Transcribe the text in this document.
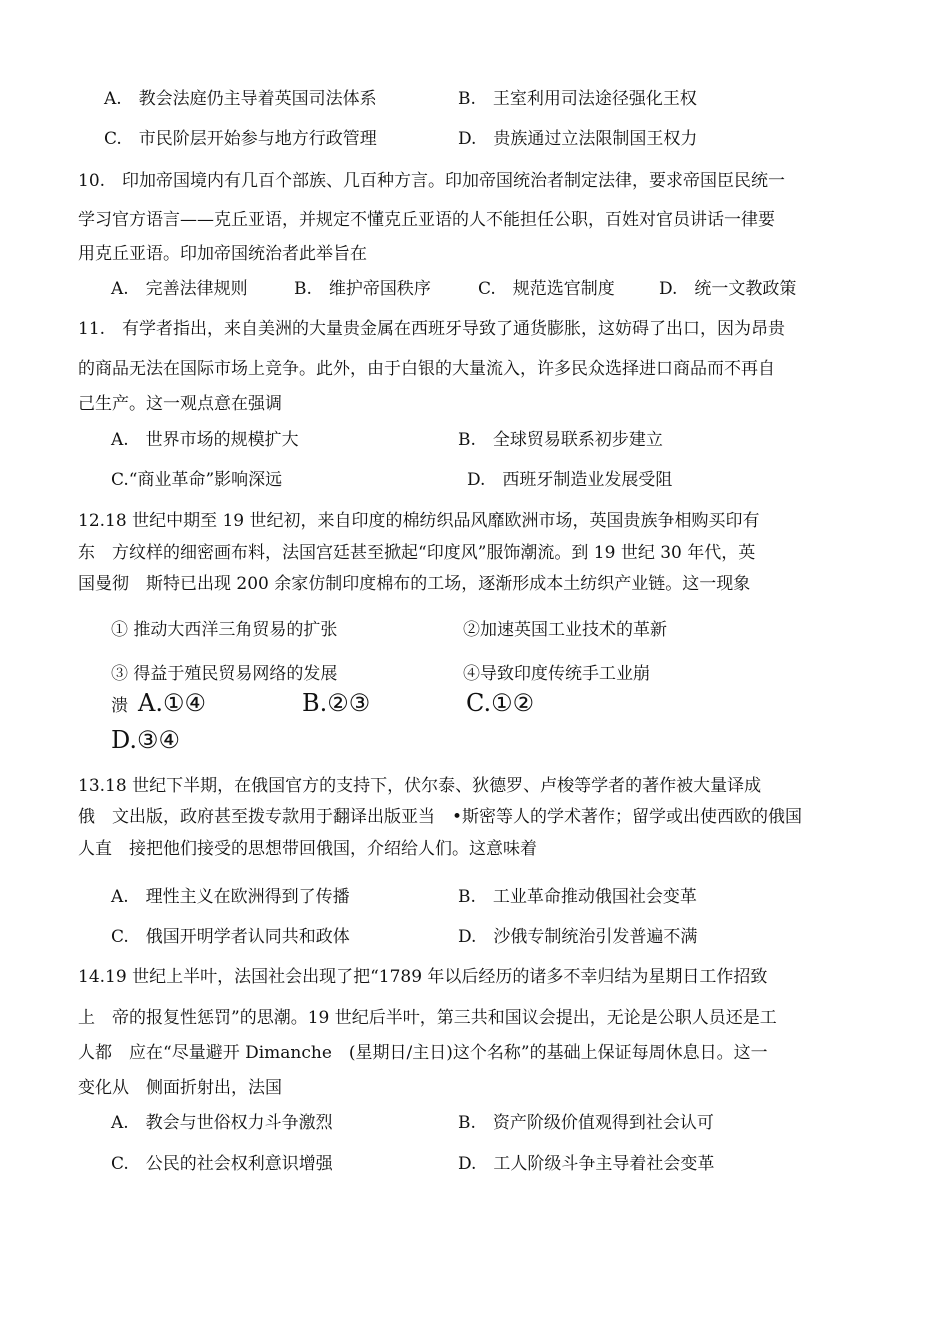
A.　教会法庭仍主导着英国司法体系	B.　王室利用司法途径强化王权
C.　市民阶层开始参与地方行政管理	D.　贵族通过立法限制国王权力
10.　印加帝国境内有几百个部族、几百种方言。印加帝国统治者制定法律，要求帝国臣民统一
学习官方语言——克丘亚语，并规定不懂克丘亚语的人不能担任公职，百姓对官员讲话一律要
用克丘亚语。印加帝国统治者此举旨在
A.　完善法律规则	B.　维护帝国秩序	C.　规范选官制度	D.　统一文教政策
11.　有学者指出，来自美洲的大量贵金属在西班牙导致了通货膨胀，这妨碍了出口，因为昂贵
的商品无法在国际市场上竞争。此外，由于白银的大量流入，许多民众选择进口商品而不再自
己生产。这一观点意在强调
A.　世界市场的规模扩大	B.　全球贸易联系初步建立
C.“商业革命”影响深远	D.　西班牙制造业发展受阻
12.18 世纪中期至 19 世纪初，来自印度的棉纺织品风靡欧洲市场，英国贵族争相购买印有
东　方纹样的细密画布料，法国宫廷甚至掀起“印度风”服饰潮流。到 19 世纪 30 年代，英
国曼彻　斯特已出现 200 余家仿制印度棉布的工场，逐渐形成本土纺织产业链。这一现象
① 推动大西洋三角贸易的扩张	②加速英国工业技术的革新
③ 得益于殖民贸易网络的发展	④导致印度传统手工业崩
溃 A.①④	B.②③	C.①②
D.③④
13.18 世纪下半期，在俄国官方的支持下，伏尔泰、狄德罗、卢梭等学者的著作被大量译成
俄　文出版，政府甚至拨专款用于翻译出版亚当　•斯密等人的学术著作；留学或出使西欧的俄国
人直　接把他们接受的思想带回俄国，介绍给人们。这意味着
A.　理性主义在欧洲得到了传播	B.　工业革命推动俄国社会变革
C.　俄国开明学者认同共和政体	D.　沙俄专制统治引发普遍不满
14.19 世纪上半叶，法国社会出现了把“1789 年以后经历的诸多不幸归结为星期日工作招致
上　帝的报复性惩罚”的思潮。19 世纪后半叶，第三共和国议会提出，无论是公职人员还是工
人都　应在“尽量避开 Dimanche　(星期日/主日)这个名称”的基础上保证每周休息日。这一
变化从　侧面折射出，法国
A.　教会与世俗权力斗争激烈	B.　资产阶级价值观得到社会认可
C.　公民的社会权利意识增强	D.　工人阶级斗争主导着社会变革
